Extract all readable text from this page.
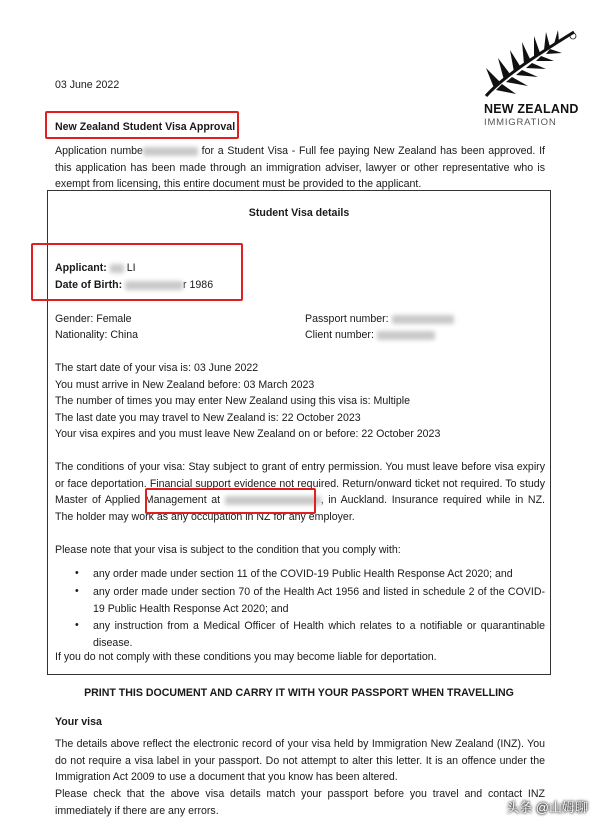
03 June 2022
NEW ZEALAND
IMMIGRATION
New Zealand Student Visa Approval
Application numbe	for a Student Visa - Full fee paying New Zealand has been approved. If this application has been made through an immigration adviser, lawyer or other representative who is exempt from licensing, this entire document must be provided to the applicant.
Student Visa details
Applicant:  LI
Date of Birth:	r 1986
Gender: Female
Nationality: China
Passport number:
Client number:
The start date of your visa is: 03 June 2022
You must arrive in New Zealand before: 03 March 2023
The number of times you may enter New Zealand using this visa is: Multiple
The last date you may travel to New Zealand is: 22 October 2023
Your visa expires and you must leave New Zealand on or before: 22 October 2023
The conditions of your visa: Stay subject to grant of entry permission. You must leave before visa expiry or face deportation. Financial support evidence not required. Return/onward ticket not required. To study Master of Applied Management at	, in Auckland. Insurance required while in NZ. The holder may work as any occupation in NZ for any employer.
Please note that your visa is subject to the condition that you comply with:
• any order made under section 11 of the COVID-19 Public Health Response Act 2020; and
• any order made under section 70 of the Health Act 1956 and listed in schedule 2 of the COVID-19 Public Health Response Act 2020; and
• any instruction from a Medical Officer of Health which relates to a notifiable or quarantinable disease.
If you do not comply with these conditions you may become liable for deportation.
PRINT THIS DOCUMENT AND CARRY IT WITH YOUR PASSPORT WHEN TRAVELLING
Your visa
The details above reflect the electronic record of your visa held by Immigration New Zealand (INZ). You do not require a visa label in your passport. Do not attempt to alter this letter. It is an offence under the Immigration Act 2009 to use a document that you know has been altered.
Please check that the above visa details match your passport before you travel and contact INZ immediately if there are any errors.	头条 @山姆聊
